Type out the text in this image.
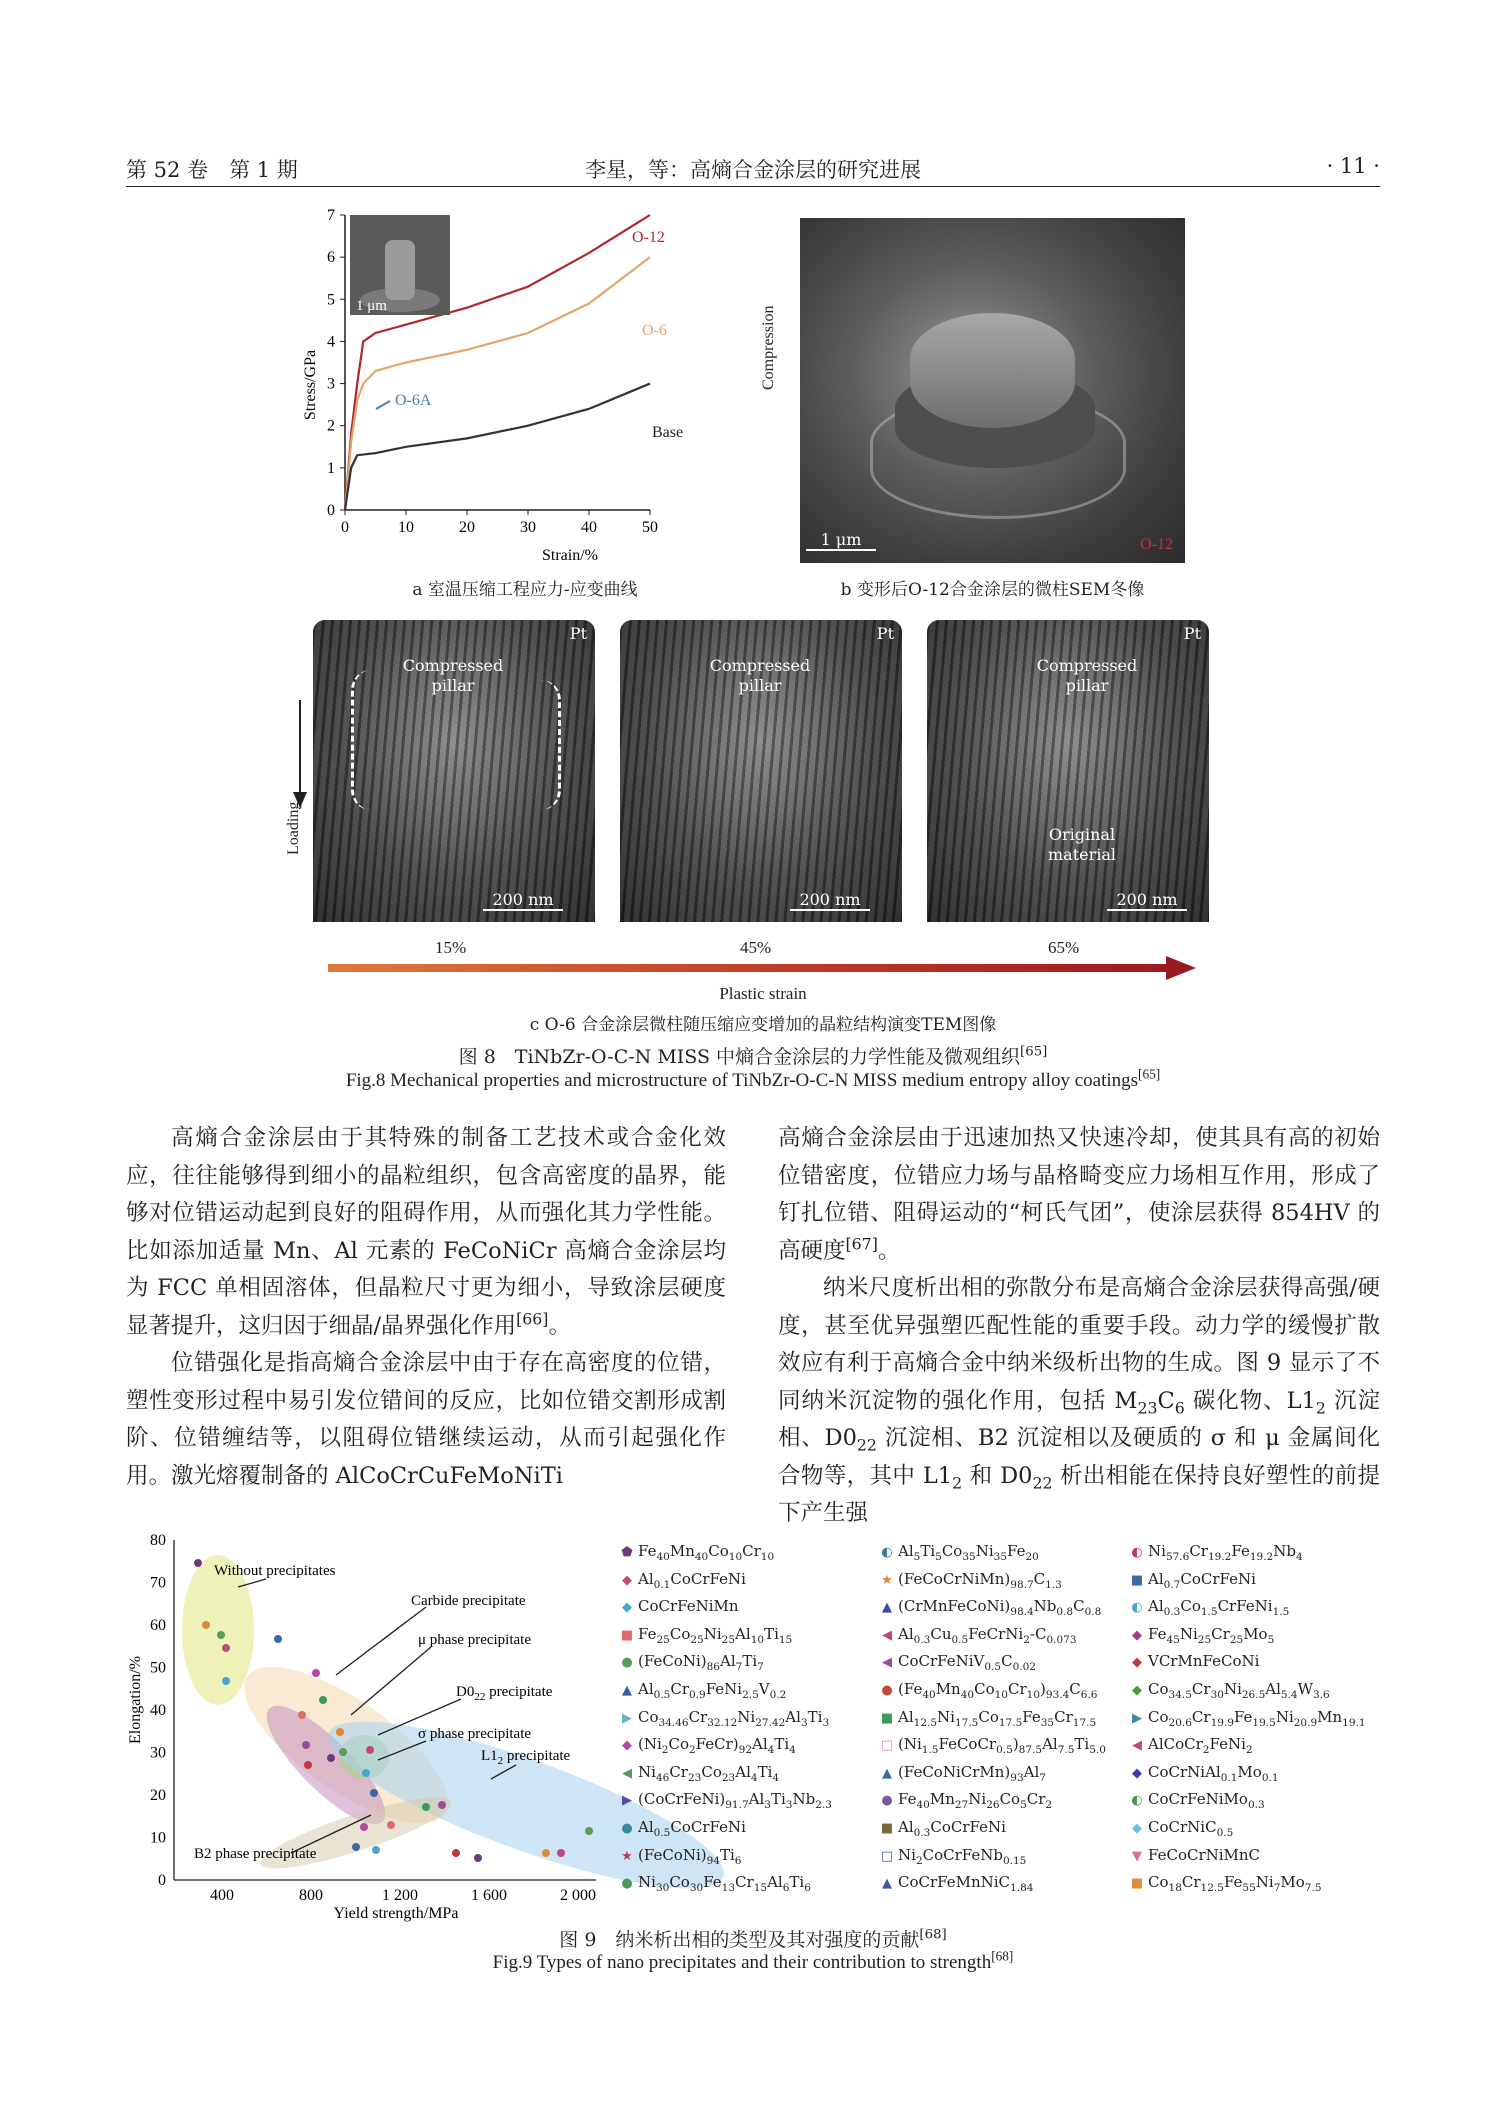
第 52 卷　第 1 期	李星，等：高熵合金涂层的研究进展	· 11 ·
0	10	20	30	40	50
0
1
2
3
4
5
6
7
Stress/GPa
Strain/%
1 μm
O-12
O-6
O-6A
Base
a 室温压缩工程应力-应变曲线
1 μm	O-12
Compression
b 变形后O-12合金涂层的微柱SEM冬像
Loading
Pt
Compressed pillar
200 nm
Pt
Compressed pillar
200 nm
Pt
Compressed pillar
Original material
200 nm
15%	45%	65%
Plastic strain
c O-6 合金涂层微柱随压缩应变增加的晶粒结构演变TEM图像
图 8　TiNbZr-O-C-N MISS 中熵合金涂层的力学性能及微观组织[65]
Fig.8 Mechanical properties and microstructure of TiNbZr-O-C-N MISS medium entropy alloy coatings[65]

高熵合金涂层由于其特殊的制备工艺技术或合金化效应，往往能够得到细小的晶粒组织，包含高密度的晶界，能够对位错运动起到良好的阻碍作用，从而强化其力学性能。比如添加适量 Mn、Al 元素的 FeCoNiCr 高熵合金涂层均为 FCC 单相固溶体，但晶粒尺寸更为细小，导致涂层硬度显著提升，这归因于细晶/晶界强化作用[66]。

位错强化是指高熵合金涂层中由于存在高密度的位错，塑性变形过程中易引发位错间的反应，比如位错交割形成割阶、位错缠结等，以阻碍位错继续运动，从而引起强化作用。激光熔覆制备的 AlCoCrCuFeMoNiTi

高熵合金涂层由于迅速加热又快速冷却，使其具有高的初始位错密度，位错应力场与晶格畸变应力场相互作用，形成了钉扎位错、阻碍运动的“柯氏气团”，使涂层获得 854HV 的高硬度[67]。

纳米尺度析出相的弥散分布是高熵合金涂层获得高强/硬度，甚至优异强塑匹配性能的重要手段。动力学的缓慢扩散效应有利于高熵合金中纳米级析出物的生成。图 9 显示了不同纳米沉淀物的强化作用，包括 $M_{23}C_6$ 碳化物、$L1_2$ 沉淀相、$D0_{22}$ 沉淀相、B2 沉淀相以及硬质的 σ 和 μ 金属间化合物等，其中 $L1_2$ 和 $D0_{22}$ 析出相能在保持良好塑性的前提下产生强

400	800	1 200	1 600	2 000
0
10
20
30
40
50
60
70
80
Elongation/%
Yield strength/MPa
Without precipitates
Carbide precipitate
μ phase precipitate
$D0_{22}$ precipitate
σ phase precipitate
$L1_2$ precipitate
B2 phase precipitate
⬟ $Fe_{40}Mn_{40}Co_{10}Cr_{10}$
◆ $Al_{0.1}CoCrFeNi$
◆ CoCrFeNiMn
■ $Fe_{25}Co_{25}Ni_{25}Al_{10}Ti_{15}$
● $(FeCoNi)_{86}Al_7Ti_7$
▲ $Al_{0.5}Cr_{0.9}FeNi_{2.5}V_{0.2}$
▶ $Co_{34.46}Cr_{32.12}Ni_{27.42}Al_3Ti_3$
◆ $(Ni_2Co_2FeCr)_{92}Al_4Ti_4$
◀ $Ni_{46}Cr_{23}Co_{23}Al_4Ti_4$
▶ $(CoCrFeNi)_{91.7}Al_3Ti_3Nb_{2.3}$
● $Al_{0.5}CoCrFeNi$
★ $(FeCoNi)_{94}Ti_6$
● $Ni_{30}Co_{30}Fe_{13}Cr_{15}Al_6Ti_6$
◐ $Al_5Ti_5Co_{35}Ni_{35}Fe_{20}$
★ $(FeCoCrNiMn)_{98.7}C_{1.3}$
▲ $(CrMnFeCoNi)_{98.4}Nb_{0.8}C_{0.8}$
◀ $Al_{0.3}Cu_{0.5}FeCrNi_2-C_{0.073}$
◀ $CoCrFeNiV_{0.5}C_{0.02}$
● $(Fe_{40}Mn_{40}Co_{10}Cr_{10})_{93.4}C_{6.6}$
■ $Al_{12.5}Ni_{17.5}Co_{17.5}Fe_{35}Cr_{17.5}$
□ $(Ni_{1.5}FeCoCr_{0.5})_{87.5}Al_{7.5}Ti_{5.0}$
▲ $(FeCoNiCrMn)_{93}Al_7$
● $Fe_{40}Mn_{27}Ni_{26}Co_5Cr_2$
■ $Al_{0.3}CoCrFeNi$
□ $Ni_2CoCrFeNb_{0.15}$
▲ CoCrFeMnNiC$_{1.84}$
◐ $Ni_{57.6}Cr_{19.2}Fe_{19.2}Nb_4$
■ $Al_{0.7}CoCrFeNi$
◐ $Al_{0.3}Co_{1.5}CrFeNi_{1.5}$
◆ $Fe_{45}Ni_{25}Cr_{25}Mo_5$
◆ VCrMnFeCoNi
◆ $Co_{34.5}Cr_{30}Ni_{26.5}Al_{5.4}W_{3.6}$
▶ $Co_{20.6}Cr_{19.9}Fe_{19.5}Ni_{20.9}Mn_{19.1}$
◀ AlCoCr$_2$FeNi$_2$
◆ $CoCrNiAl_{0.1}Mo_{0.1}$
◐ CoCrFeNiMo$_{0.3}$
◆ CoCrNiC$_{0.5}$
▼ FeCoCrNiMnC
■ $Co_{18}Cr_{12.5}Fe_{55}Ni_7Mo_{7.5}$
图 9　纳米析出相的类型及其对强度的贡献[68]
Fig.9 Types of nano precipitates and their contribution to strength[68]
